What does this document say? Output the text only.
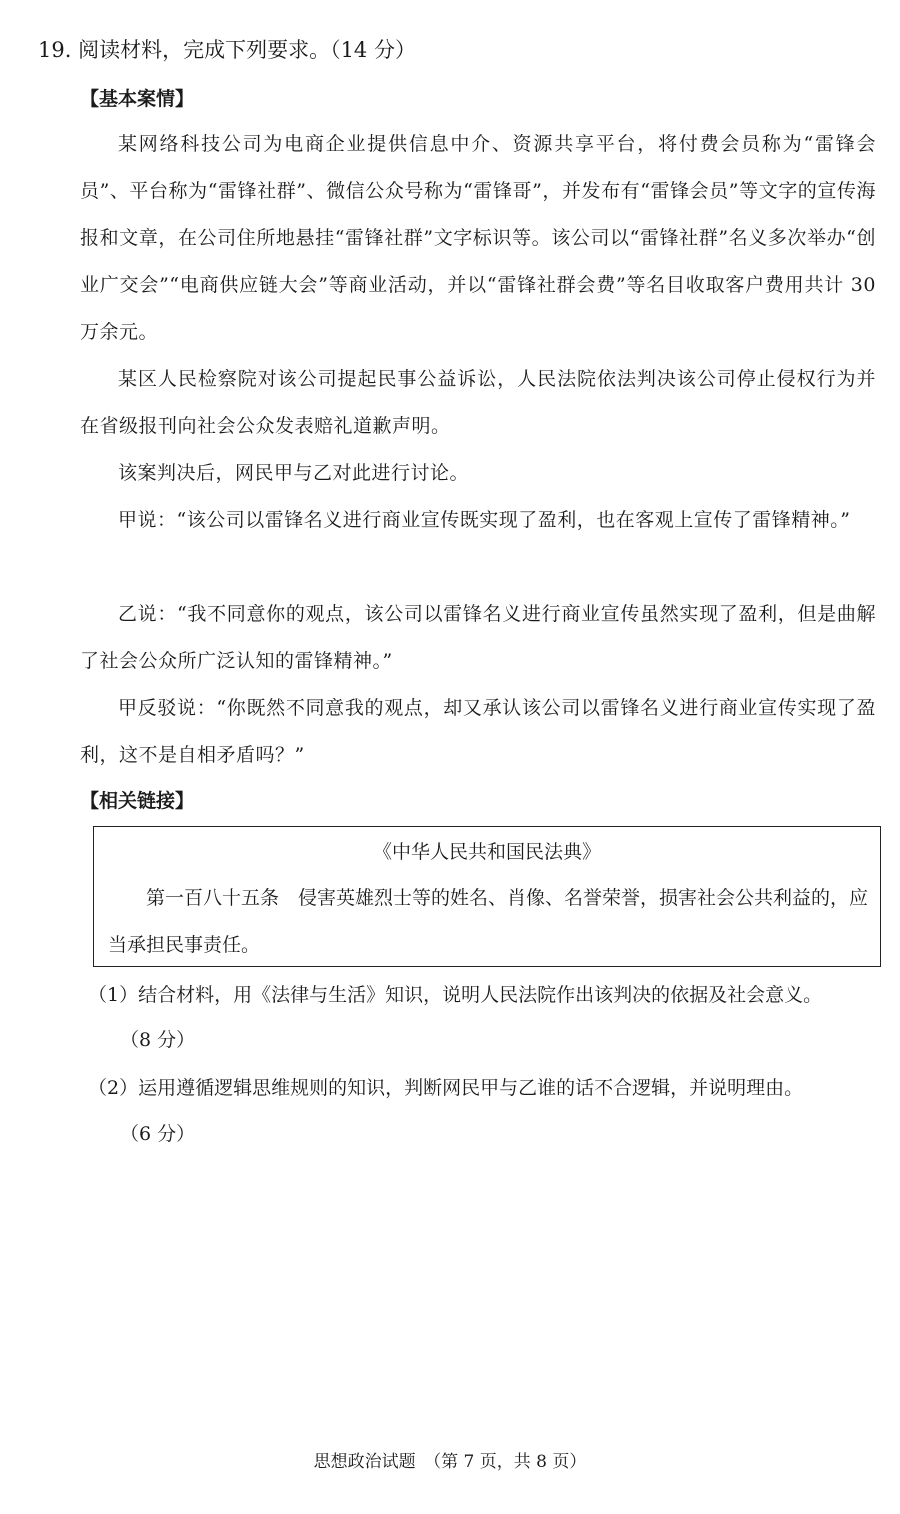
19. 阅读材料，完成下列要求。（14 分）
【基本案情】
某网络科技公司为电商企业提供信息中介、资源共享平台，将付费会员称为“雷锋会员”、平台称为“雷锋社群”、微信公众号称为“雷锋哥”，并发布有“雷锋会员”等文字的宣传海报和文章，在公司住所地悬挂“雷锋社群”文字标识等。该公司以“雷锋社群”名义多次举办“创业广交会”“电商供应链大会”等商业活动，并以“雷锋社群会费”等名目收取客户费用共计 30 万余元。
某区人民检察院对该公司提起民事公益诉讼，人民法院依法判决该公司停止侵权行为并在省级报刊向社会公众发表赔礼道歉声明。
该案判决后，网民甲与乙对此进行讨论。
甲说：“该公司以雷锋名义进行商业宣传既实现了盈利，也在客观上宣传了雷锋精神。”
乙说：“我不同意你的观点，该公司以雷锋名义进行商业宣传虽然实现了盈利，但是曲解了社会公众所广泛认知的雷锋精神。”
甲反驳说：“你既然不同意我的观点，却又承认该公司以雷锋名义进行商业宣传实现了盈利，这不是自相矛盾吗？”
【相关链接】
《中华人民共和国民法典》
第一百八十五条　侵害英雄烈士等的姓名、肖像、名誉荣誉，损害社会公共利益的，应当承担民事责任。
（1）结合材料，用《法律与生活》知识，说明人民法院作出该判决的依据及社会意义。
（8 分）
（2）运用遵循逻辑思维规则的知识，判断网民甲与乙谁的话不合逻辑，并说明理由。
（6 分）
思想政治试题　（第 7 页，共 8 页）
